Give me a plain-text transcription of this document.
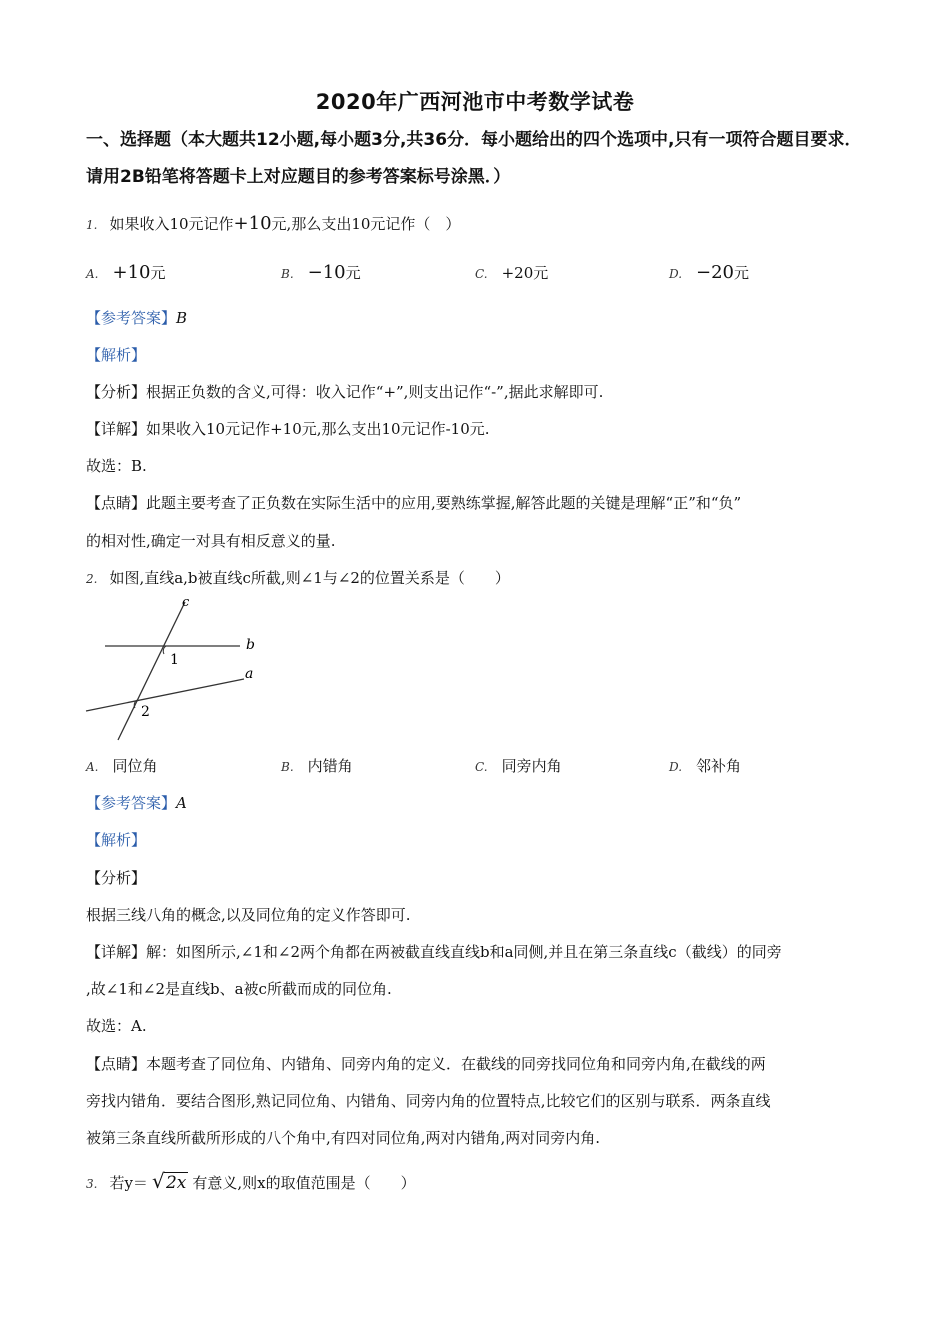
2020年广西河池市中考数学试卷
一、选择题（本大题共12小题,每小题3分,共36分．每小题给出的四个选项中,只有一项符合题目要求．请用2B铅笔将答题卡上对应题目的参考答案标号涂黑．）
1. 如果收入10元记作+10元,那么支出10元记作（　）
A. +10元	B. −10元	C. +20元	D. −20元
【参考答案】B
【解析】
【分析】根据正负数的含义,可得：收入记作“+”,则支出记作“-”,据此求解即可.
【详解】如果收入10元记作+10元,那么支出10元记作-10元.
故选：B.
【点睛】此题主要考查了正负数在实际生活中的应用,要熟练掌握,解答此题的关键是理解“正”和“负”
的相对性,确定一对具有相反意义的量.
2. 如图,直线a,b被直线c所截,则∠1与∠2的位置关系是（　　）
c
b
a
1
2
A. 同位角	B. 内错角	C. 同旁内角	D. 邻补角
【参考答案】A
【解析】
【分析】
根据三线八角的概念,以及同位角的定义作答即可.
【详解】解：如图所示,∠1和∠2两个角都在两被截直线直线b和a同侧,并且在第三条直线c（截线）的同旁
,故∠1和∠2是直线b、a被c所截而成的同位角.
故选：A.
【点睛】本题考查了同位角、内错角、同旁内角的定义．在截线的同旁找同位角和同旁内角,在截线的两
旁找内错角．要结合图形,熟记同位角、内错角、同旁内角的位置特点,比较它们的区别与联系．两条直线
被第三条直线所截所形成的八个角中,有四对同位角,两对内错角,两对同旁内角.
3. 若y＝ √ 2x 有意义,则x的取值范围是（　　）
